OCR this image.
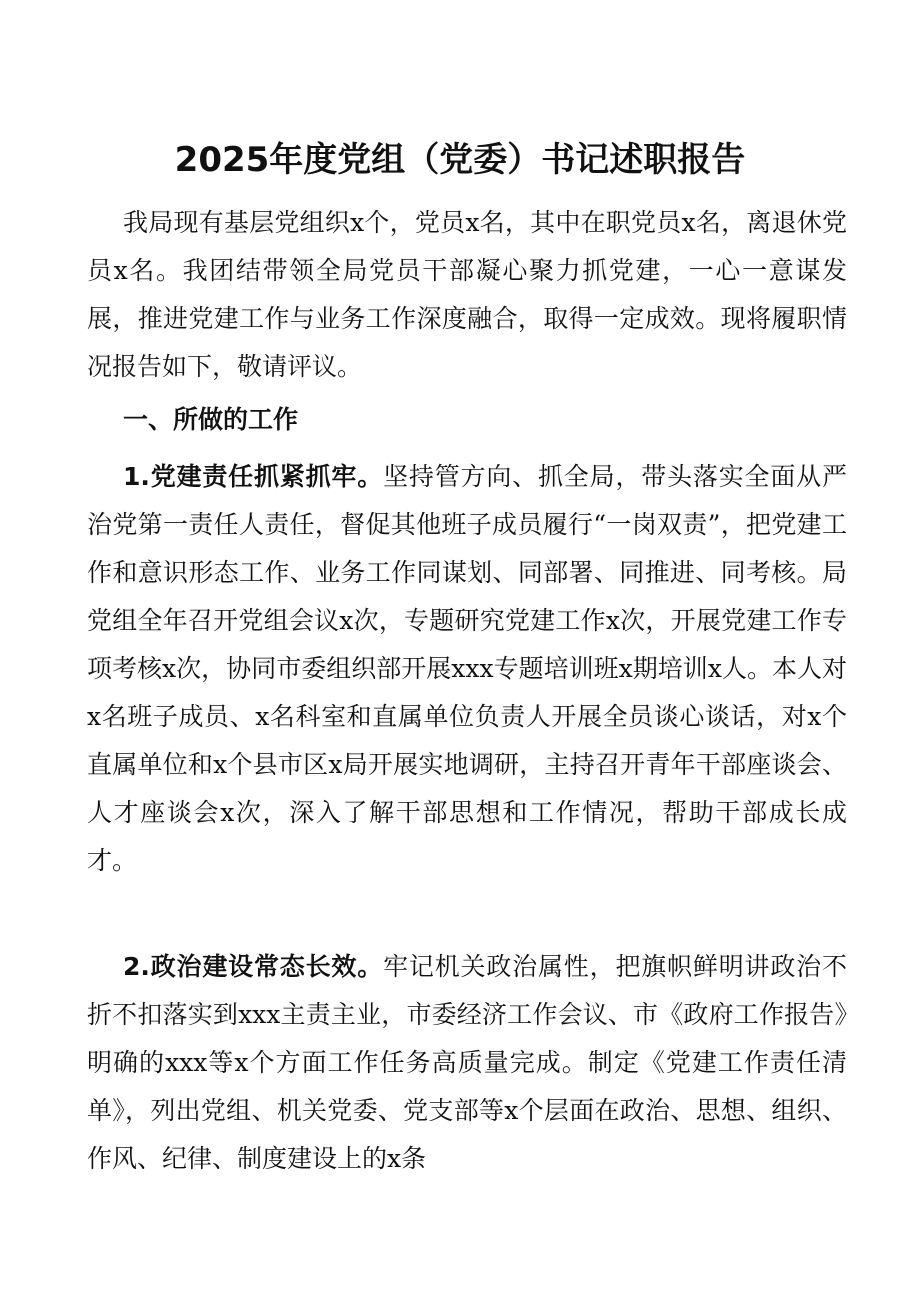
2025年度党组（党委）书记述职报告

我局现有基层党组织x个，党员x名，其中在职党员x名，离退休党员x名。我团结带领全局党员干部凝心聚力抓党建，一心一意谋发展，推进党建工作与业务工作深度融合，取得一定成效。现将履职情况报告如下，敬请评议。

一、所做的工作

1.党建责任抓紧抓牢。坚持管方向、抓全局，带头落实全面从严治党第一责任人责任，督促其他班子成员履行“一岗双责”，把党建工作和意识形态工作、业务工作同谋划、同部署、同推进、同考核。局党组全年召开党组会议x次，专题研究党建工作x次，开展党建工作专项考核x次，协同市委组织部开展xxx专题培训班x期培训x人。本人对x名班子成员、x名科室和直属单位负责人开展全员谈心谈话，对x个直属单位和x个县市区x局开展实地调研，主持召开青年干部座谈会、人才座谈会x次，深入了解干部思想和工作情况，帮助干部成长成才。

2.政治建设常态长效。牢记机关政治属性，把旗帜鲜明讲政治不折不扣落实到xxx主责主业，市委经济工作会议、市《政府工作报告》明确的xxx等x个方面工作任务高质量完成。制定《党建工作责任清单》，列出党组、机关党委、党支部等x个层面在政治、思想、组织、作风、纪律、制度建设上的x条
